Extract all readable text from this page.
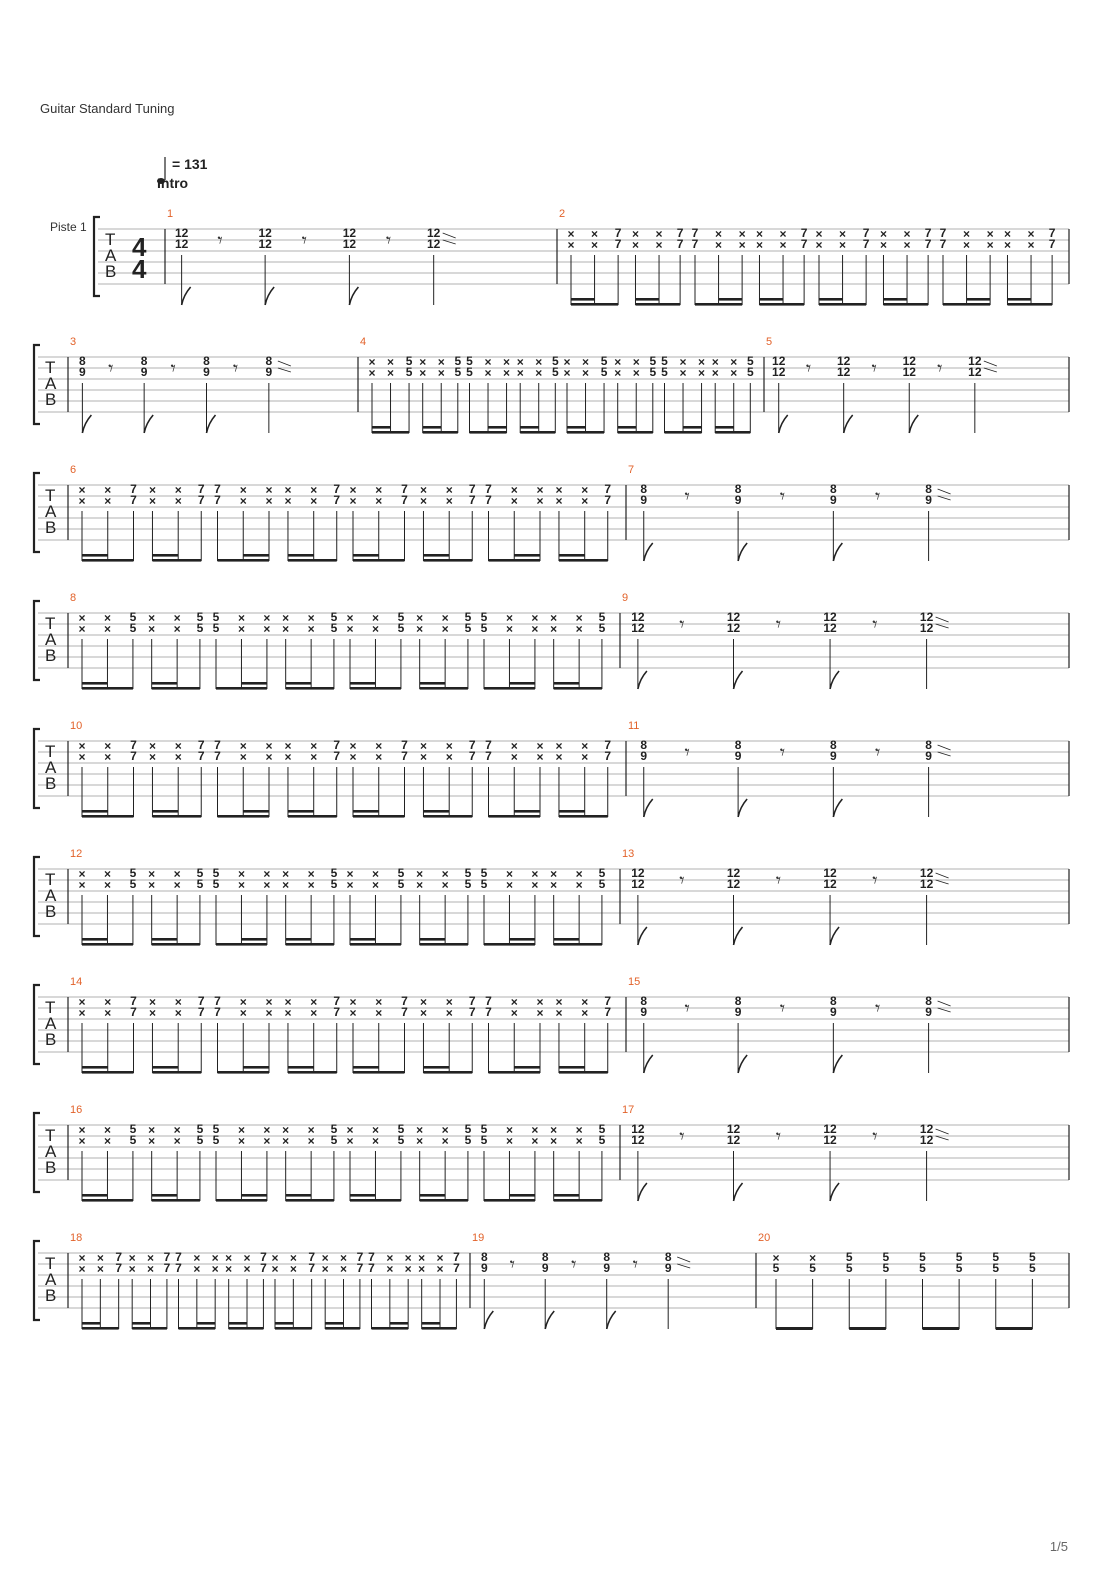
Guitar Standard Tuning
T
A
B
Piste 1
4
4
= 131
Intro
1
12
12
12
12
12
12
12
12
𝄾	𝄾	𝄾
2
×
×
×
×
7
7
×
×
×
×
7
7
7
7
×
×
×
×
×
×
×
×
7
7
×
×
×
×
7
7
×
×
×
×
7
7
7
7
×
×
×
×
×
×
×
×
7
7
T
A
B
3
8
9
8
9
8
9
8
9
𝄾	𝄾	𝄾
4
×
×
×
×
5
5
×
×
×
×
5
5
5
5
×
×
×
×
×
×
×
×
5
5
×
×
×
×
5
5
×
×
×
×
5
5
5
5
×
×
×
×
×
×
×
×
5
5
5
12
12
12
12
12
12
12
12
𝄾	𝄾	𝄾
T
A
B
6
×
×
×
×
7
7
×
×
×
×
7
7
7
7
×
×
×
×
×
×
×
×
7
7
×
×
×
×
7
7
×
×
×
×
7
7
7
7
×
×
×
×
×
×
×
×
7
7
7
8
9
8
9
8
9
8
9
𝄾	𝄾	𝄾
T
A
B
8
×
×
×
×
5
5
×
×
×
×
5
5
5
5
×
×
×
×
×
×
×
×
5
5
×
×
×
×
5
5
×
×
×
×
5
5
5
5
×
×
×
×
×
×
×
×
5
5
9
12
12
12
12
12
12
12
12
𝄾	𝄾	𝄾
T
A
B
10
×
×
×
×
7
7
×
×
×
×
7
7
7
7
×
×
×
×
×
×
×
×
7
7
×
×
×
×
7
7
×
×
×
×
7
7
7
7
×
×
×
×
×
×
×
×
7
7
11
8
9
8
9
8
9
8
9
𝄾	𝄾	𝄾
T
A
B
12
×
×
×
×
5
5
×
×
×
×
5
5
5
5
×
×
×
×
×
×
×
×
5
5
×
×
×
×
5
5
×
×
×
×
5
5
5
5
×
×
×
×
×
×
×
×
5
5
13
12
12
12
12
12
12
12
12
𝄾	𝄾	𝄾
T
A
B
14
×
×
×
×
7
7
×
×
×
×
7
7
7
7
×
×
×
×
×
×
×
×
7
7
×
×
×
×
7
7
×
×
×
×
7
7
7
7
×
×
×
×
×
×
×
×
7
7
15
8
9
8
9
8
9
8
9
𝄾	𝄾	𝄾
T
A
B
16
×
×
×
×
5
5
×
×
×
×
5
5
5
5
×
×
×
×
×
×
×
×
5
5
×
×
×
×
5
5
×
×
×
×
5
5
5
5
×
×
×
×
×
×
×
×
5
5
17
12
12
12
12
12
12
12
12
𝄾	𝄾	𝄾
T
A
B
18
×
×
×
×
7
7
×
×
×
×
7
7
7
7
×
×
×
×
×
×
×
×
7
7
×
×
×
×
7
7
×
×
×
×
7
7
7
7
×
×
×
×
×
×
×
×
7
7
19
8
9
8
9
8
9
8
9
𝄾	𝄾	𝄾
20
×
5
×
5
5
5
5
5
5
5
5
5
5
5
5
5
1/5
